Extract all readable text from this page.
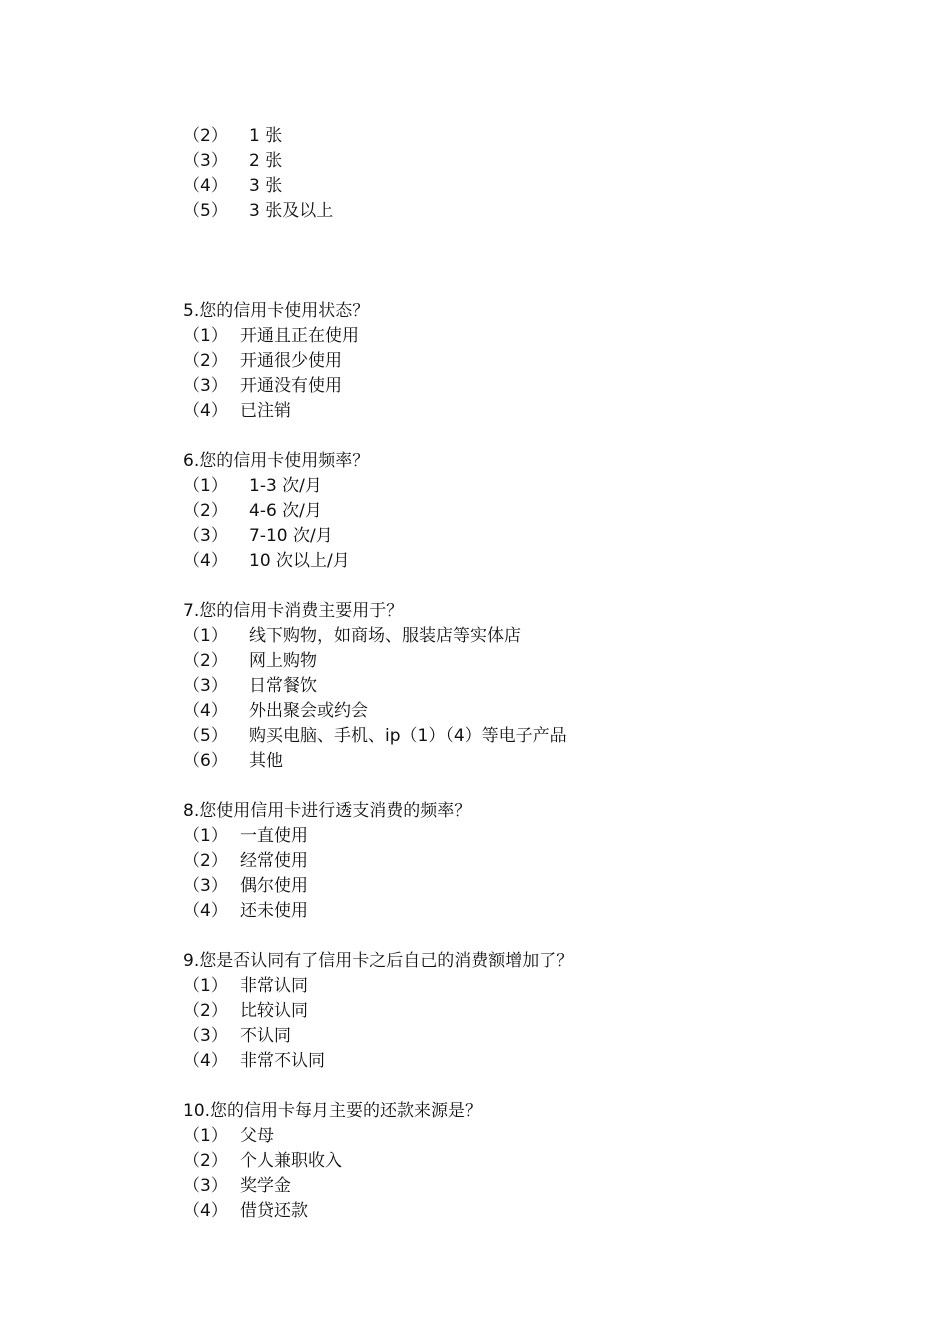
（2）	1 张
（3）	2 张
（4）	3 张
（5）	3 张及以上
5.您的信用卡使用状态？
（1） 开通且正在使用
（2） 开通很少使用
（3） 开通没有使用
（4） 已注销
6.您的信用卡使用频率？
（1）	1-3 次/月
（2）	4-6 次/月
（3）	7-10 次/月
（4）	10 次以上/月
7.您的信用卡消费主要用于？
（1）	线下购物，如商场、服装店等实体店
（2）	网上购物
（3）	日常餐饮
（4）	外出聚会或约会
（5）	购买电脑、手机、ip（1）（4）等电子产品
（6）	其他
8.您使用信用卡进行透支消费的频率？
（1） 一直使用
（2） 经常使用
（3） 偶尔使用
（4） 还未使用
9.您是否认同有了信用卡之后自己的消费额增加了？
（1） 非常认同
（2） 比较认同
（3） 不认同
（4） 非常不认同
10.您的信用卡每月主要的还款来源是？
（1） 父母
（2） 个人兼职收入
（3） 奖学金
（4） 借贷还款
